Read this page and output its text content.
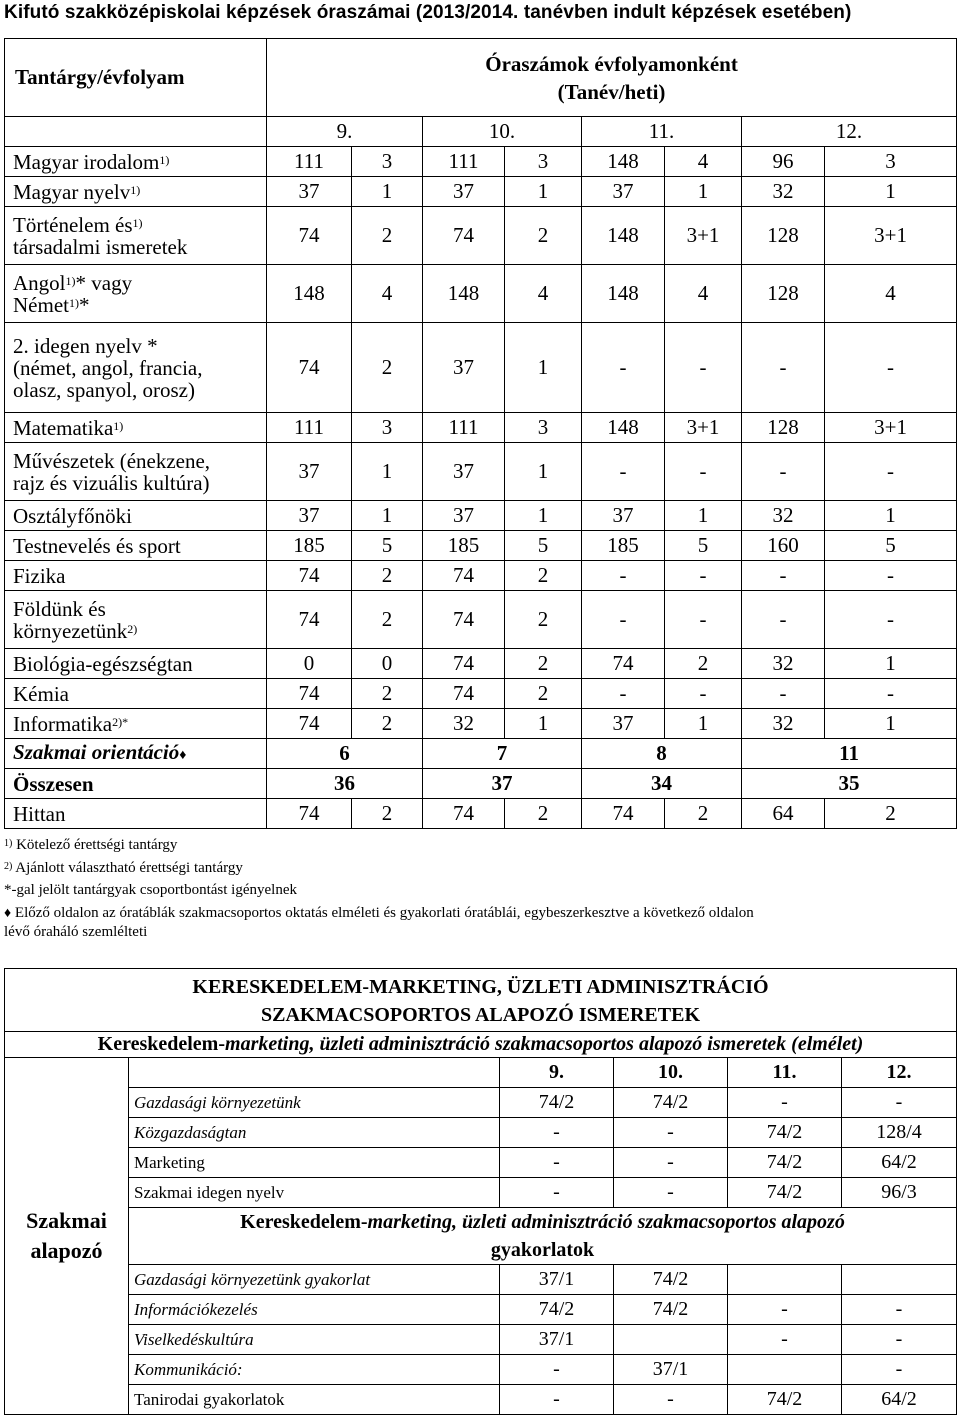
Kifutó szakközépiskolai képzések óraszámai (2013/2014. tanévben indult képzések esetében)
Tantárgy/évfolyam	Óraszámok évfolyamonként
(Tanév/heti)							

	9.		10.		11.		12.	

Magyar irodalom$^{1)}$	111	3	111	3	148	4	96	3

Magyar nyelv$^{1)}$	37	1	37	1	37	1	32	1

Történelem $és^{1)}$
társadalmi ismeretek	74	2	74	2	148	3+1	128	3+1

Angol$^{1)}$* vagy
Német$^{1)}$*	148	4	148	4	148	4	128	4

2. idegen nyelv *
(német, angol, francia,
olasz, spanyol, orosz)	74	2	37	1	-	-	-	-

Matematika$^{1)}$	111	3	111	3	148	3+1	128	3+1

Művészetek (énekzene,
rajz és vizuális kultúra)	37	1	37	1	-	-	-	-

Osztályfőnöki	37	1	37	1	37	1	32	1

Testnevelés és sport	185	5	185	5	185	5	160	5

Fizika	74	2	74	2	-	-	-	-

Földünk és
környezetünk$^{2)}$	74	2	74	2	-	-	-	-

Biológia-egészségtan	0	0	74	2	74	2	32	1

Kémia	74	2	74	2	-	-	-	-

Informatika$^{2)*}$	74	2	32	1	37	1	32	1
Szakmai orientáció♦	6		7		8		11	
Összesen	36		37		34		35	
Hittan	74	2	74	2	74	2	64	2
$^{1)}$ Kötelező érettségi tantárgy
$^{2)}$ Ajánlott választható érettségi tantárgy
*-gal jelölt tantárgyak csoportbontást igényelnek
♦ Előző oldalon az óratáblák szakmacsoportos oktatás elméleti és gyakorlati óratáblái, egybeszerkesztve a következő oldalon
lévő óraháló szemlélteti
KERESKEDELEM-MARKETING, ÜZLETI ADMINISZTRÁCIÓ
SZAKMACSOPORTOS ALAPOZÓ ISMERETEK					

Kereskedelem-marketing, üzleti adminisztráció szakmacsoportos alapozó ismeretek (elmélet)					

Szakmai
alapozó		9.	10.	11.	12.
	Gazdasági környezetünk	74/2	74/2	-	-
	Közgazdaságtan	-	-	74/2	128/4
	Marketing	-	-	74/2	64/2
	Szakmai idegen nyelv	-	-	74/2	96/3

	Kereskedelem-marketing, üzleti adminisztráció szakmacsoportos alapozó
gyakorlatok				

	Gazdasági környezetünk gyakorlat	37/1	74/2		
	Információkezelés	74/2	74/2	-	-
	Viselkedéskultúra	37/1		-	-
	Kommunikáció:	-	37/1		-
	Tanirodai gyakorlatok	-	-	74/2	64/2
